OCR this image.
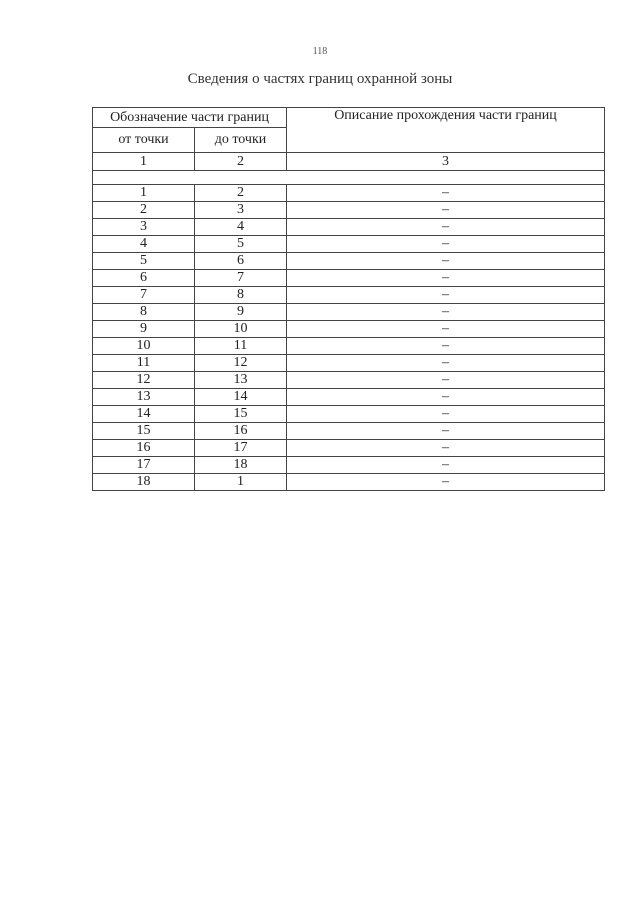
118
Сведения о частях границ охранной зоны
Обозначение части границ		Описание прохождения части границ
от точки	до точки	
1	2	3

1	2	–
2	3	–
3	4	–
4	5	–
5	6	–
6	7	–
7	8	–
8	9	–
9	10	–
10	11	–
11	12	–
12	13	–
13	14	–
14	15	–
15	16	–
16	17	–
17	18	–
18	1	–
